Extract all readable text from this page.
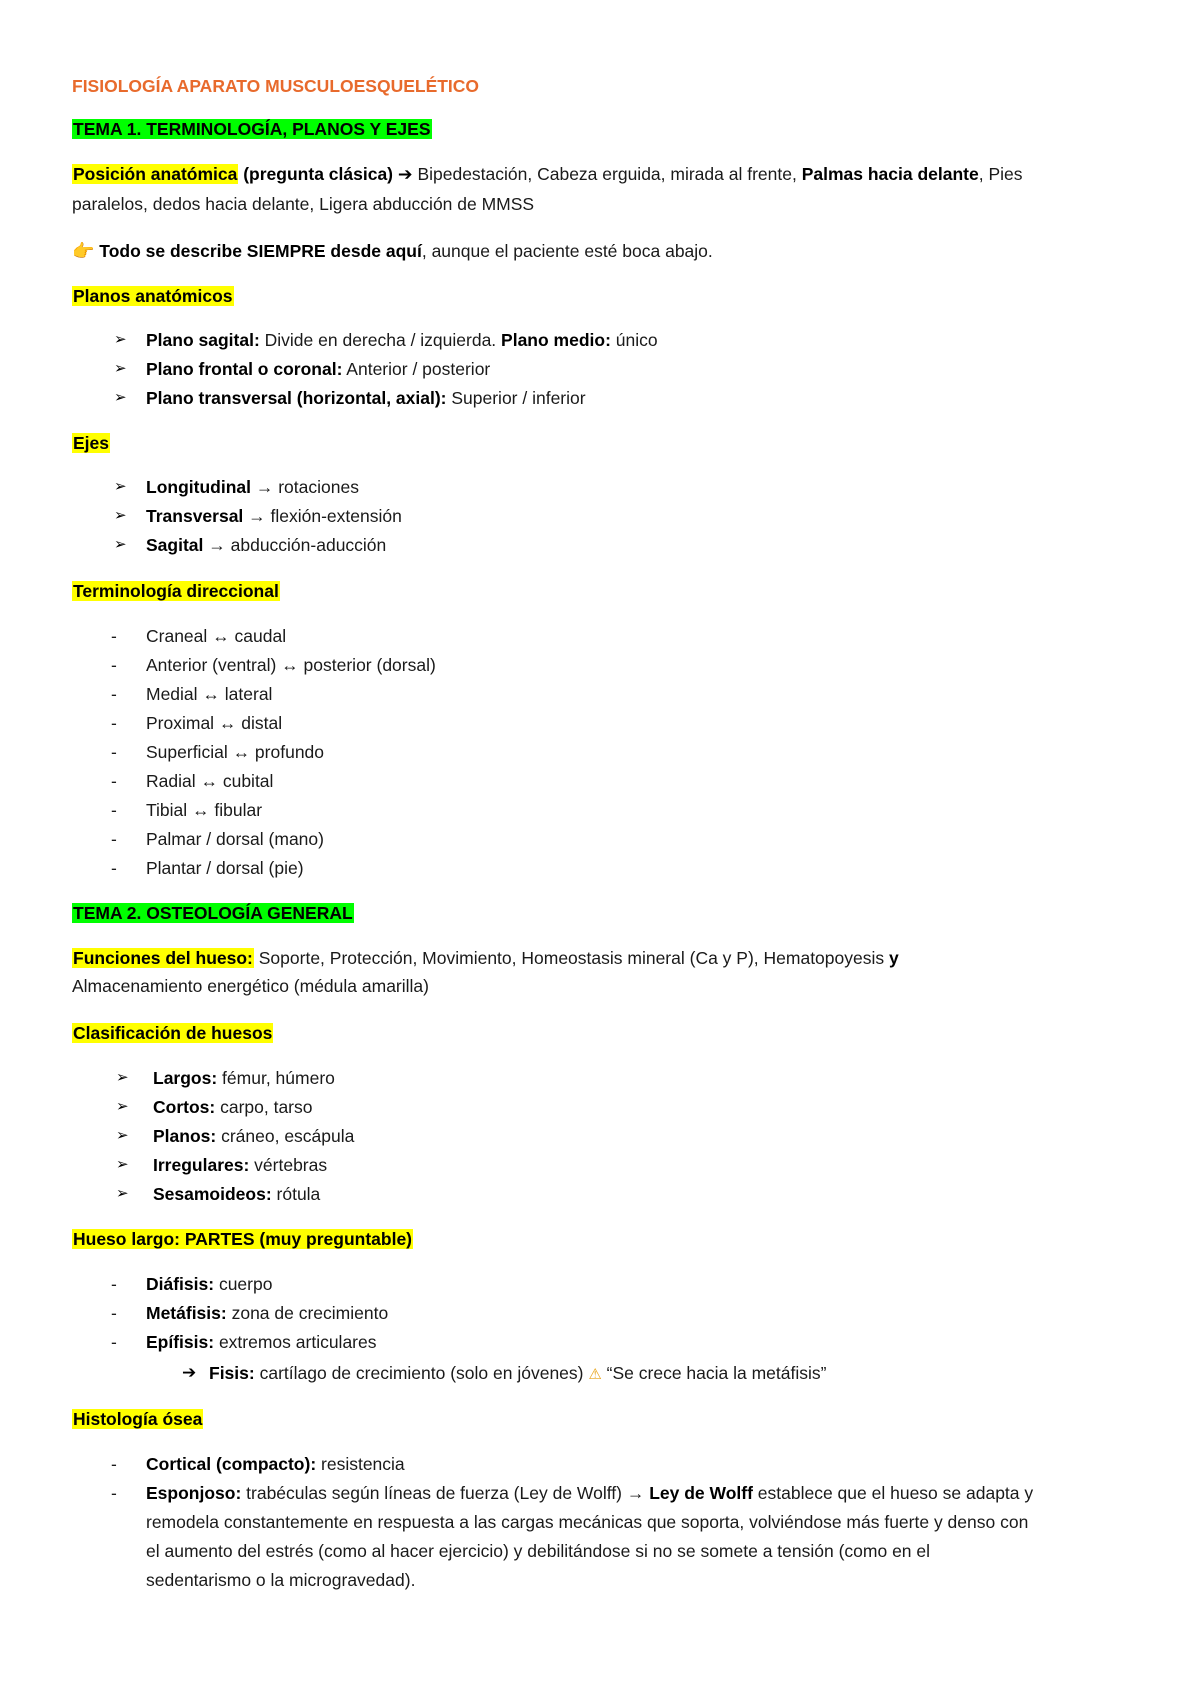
FISIOLOGÍA APARATO MUSCULOESQUELÉTICO
TEMA 1. TERMINOLOGÍA, PLANOS Y EJES
Posición anatómica (pregunta clásica) ➔ Bipedestación, Cabeza erguida, mirada al frente, Palmas hacia delante, Pies
paralelos, dedos hacia delante, Ligera abducción de MMSS
👉 Todo se describe SIEMPRE desde aquí, aunque el paciente esté boca abajo.
Planos anatómicos
➢ Plano sagital: Divide en derecha / izquierda. Plano medio: único
➢ Plano frontal o coronal: Anterior / posterior
➢ Plano transversal (horizontal, axial): Superior / inferior
Ejes
➢ Longitudinal → rotaciones
➢ Transversal → flexión-extensión
➢ Sagital → abducción-aducción
Terminología direccional
- Craneal ↔ caudal
- Anterior (ventral) ↔ posterior (dorsal)
- Medial ↔ lateral
- Proximal ↔ distal
- Superficial ↔ profundo
- Radial ↔ cubital
- Tibial ↔ fibular
- Palmar / dorsal (mano)
- Plantar / dorsal (pie)
TEMA 2. OSTEOLOGÍA GENERAL
Funciones del hueso: Soporte, Protección, Movimiento, Homeostasis mineral (Ca y P), Hematopoyesis y
Almacenamiento energético (médula amarilla)
Clasificación de huesos
➢ Largos: fémur, húmero
➢ Cortos: carpo, tarso
➢ Planos: cráneo, escápula
➢ Irregulares: vértebras
➢ Sesamoideos: rótula
Hueso largo: PARTES (muy preguntable)
- Diáfisis: cuerpo
- Metáfisis: zona de crecimiento
- Epífisis: extremos articulares
➔ Fisis: cartílago de crecimiento (solo en jóvenes) ⚠ “Se crece hacia la metáfisis”
Histología ósea
- Cortical (compacto): resistencia
- Esponjoso: trabéculas según líneas de fuerza (Ley de Wolff) → Ley de Wolff establece que el hueso se adapta y
remodela constantemente en respuesta a las cargas mecánicas que soporta, volviéndose más fuerte y denso con
el aumento del estrés (como al hacer ejercicio) y debilitándose si no se somete a tensión (como en el
sedentarismo o la microgravedad).
